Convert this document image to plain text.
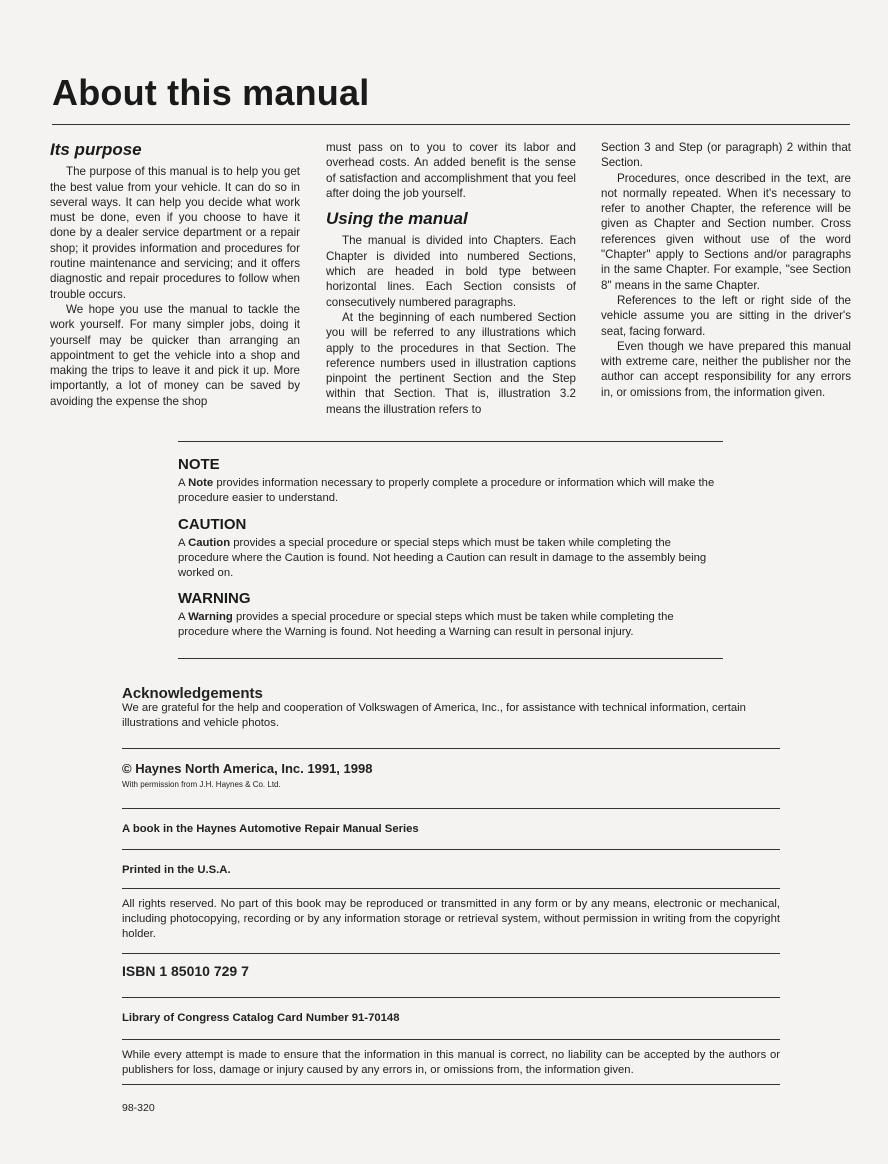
About this manual
Its purpose

The purpose of this manual is to help you get the best value from your vehicle. It can do so in several ways. It can help you decide what work must be done, even if you choose to have it done by a dealer service department or a repair shop; it provides information and procedures for routine maintenance and servicing; and it offers diagnostic and repair procedures to follow when trouble occurs.

We hope you use the manual to tackle the work yourself. For many simpler jobs, doing it yourself may be quicker than arranging an appointment to get the vehicle into a shop and making the trips to leave it and pick it up. More importantly, a lot of money can be saved by avoiding the expense the shop

must pass on to you to cover its labor and overhead costs. An added benefit is the sense of satisfaction and accomplishment that you feel after doing the job yourself.

Using the manual

The manual is divided into Chapters. Each Chapter is divided into numbered Sections, which are headed in bold type between horizontal lines. Each Section consists of consecutively numbered paragraphs.

At the beginning of each numbered Section you will be referred to any illustrations which apply to the procedures in that Section. The reference numbers used in illustration captions pinpoint the pertinent Section and the Step within that Section. That is, illustration 3.2 means the illustration refers to

Section 3 and Step (or paragraph) 2 within that Section.

Procedures, once described in the text, are not normally repeated. When it's necessary to refer to another Chapter, the reference will be given as Chapter and Section number. Cross references given without use of the word "Chapter" apply to Sections and/or paragraphs in the same Chapter. For example, "see Section 8" means in the same Chapter.

References to the left or right side of the vehicle assume you are sitting in the driver's seat, facing forward.

Even though we have prepared this manual with extreme care, neither the publisher nor the author can accept responsibility for any errors in, or omissions from, the information given.

NOTE

A Note provides information necessary to properly complete a procedure or information which will make the procedure easier to understand.

CAUTION

A Caution provides a special procedure or special steps which must be taken while completing the procedure where the Caution is found. Not heeding a Caution can result in damage to the assembly being worked on.

WARNING

A Warning provides a special procedure or special steps which must be taken while completing the procedure where the Warning is found. Not heeding a Warning can result in personal injury.

Acknowledgements
We are grateful for the help and cooperation of Volkswagen of America, Inc., for assistance with technical information, certain illustrations and vehicle photos.
© Haynes North America, Inc. 1991, 1998
With permission from J.H. Haynes & Co. Ltd.
A book in the Haynes Automotive Repair Manual Series
Printed in the U.S.A.
All rights reserved. No part of this book may be reproduced or transmitted in any form or by any means, electronic or mechanical, including photocopying, recording or by any information storage or retrieval system, without permission in writing from the copyright holder.
ISBN 1 85010 729 7
Library of Congress Catalog Card Number 91-70148
While every attempt is made to ensure that the information in this manual is correct, no liability can be accepted by the authors or publishers for loss, damage or injury caused by any errors in, or omissions from, the information given.
98-320
